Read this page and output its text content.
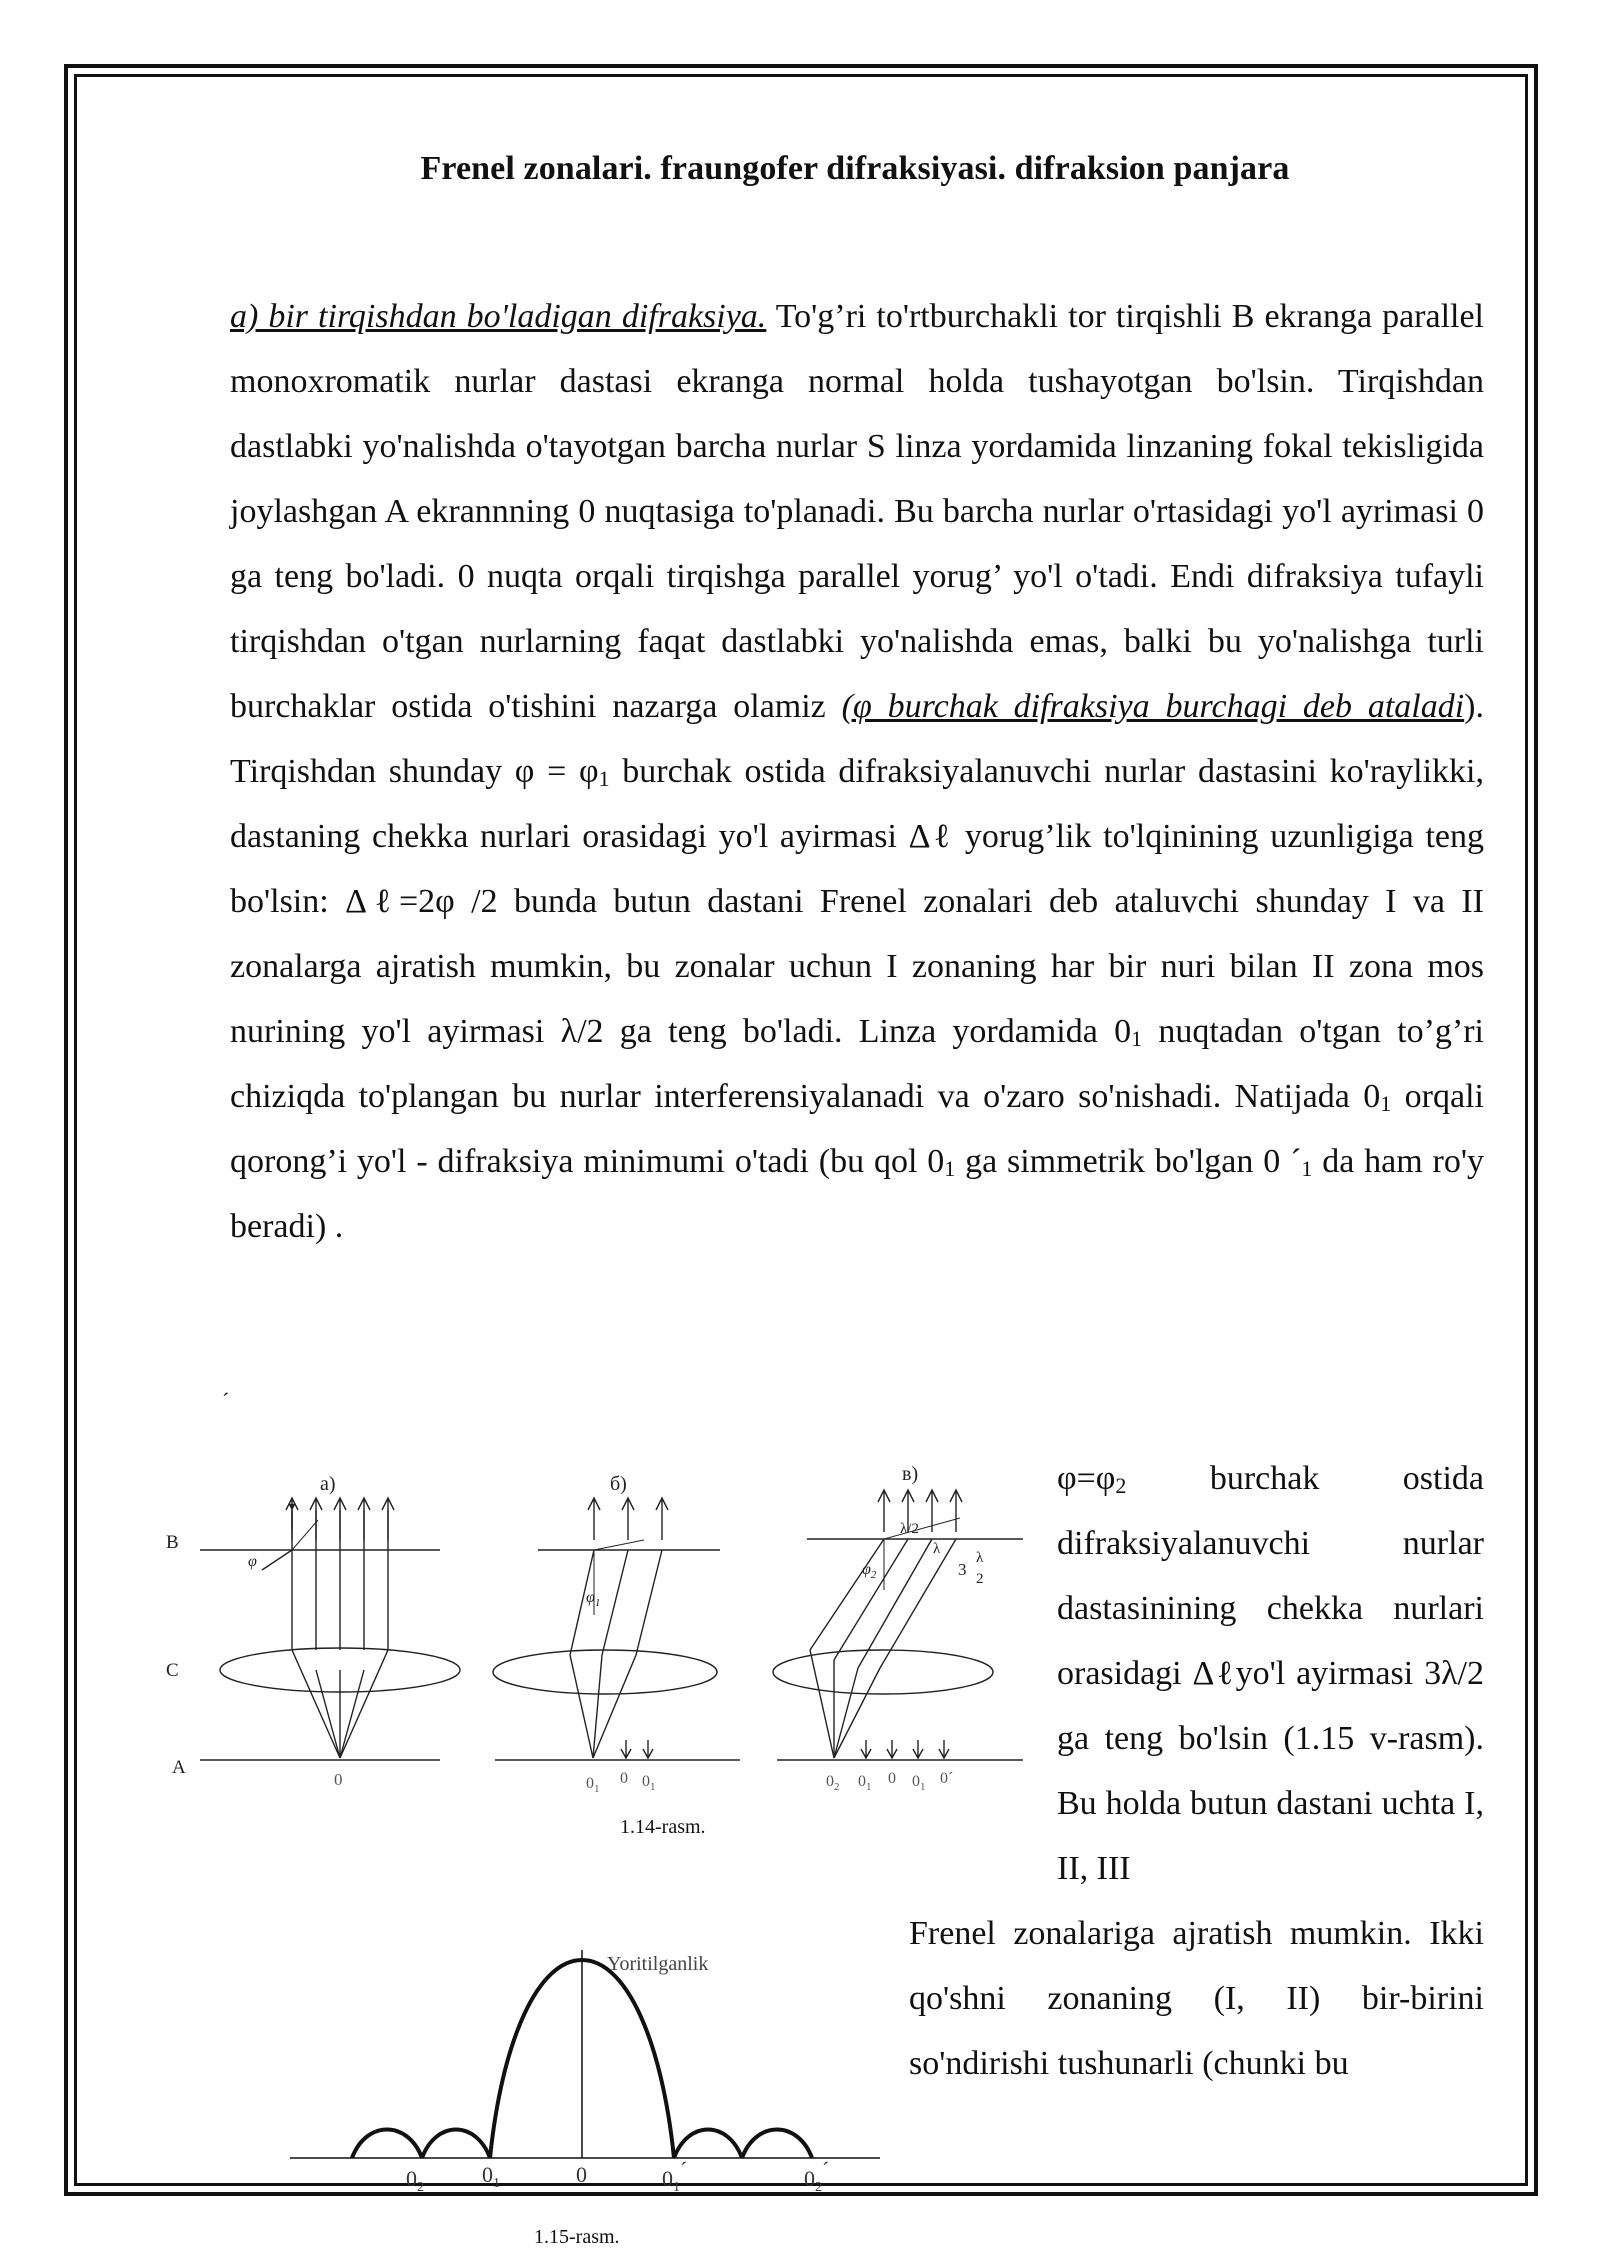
Frenel zonalari. fraungofer difraksiyasi. difraksion panjara

a) bir tirqishdan bo'ladigan difraksiya. To'g’ri to'rtburchakli tor tirqishli B ekranga parallel monoxromatik nurlar dastasi ekranga normal holda tushayotgan bo'lsin. Tirqishdan dastlabki yo'nalishda o'tayotgan barcha nurlar S linza yordamida linzaning fokal tekisligida joylashgan A ekrannning 0 nuqtasiga to'planadi. Bu barcha nurlar o'rtasidagi yo'l ayrimasi 0 ga teng bo'ladi. 0 nuqta orqali tirqishga parallel yorug’ yo'l o'tadi. Endi difraksiya tufayli tirqishdan o'tgan nurlarning faqat dastlabki yo'nalishda emas, balki bu yo'nalishga turli burchaklar ostida o'tishini nazarga olamiz (φ burchak difraksiya burchagi deb ataladi). Tirqishdan shunday $\varphi = \varphi_1$ burchak ostida difraksiyalanuvchi nurlar dastasini ko'raylikki, dastaning chekka nurlari orasidagi yo'l ayirmasi Δℓ yorug’lik to'lqinining uzunligiga teng bo'lsin: Δℓ=2φ /2 bunda butun dastani Frenel zonalari deb ataluvchi shunday I va II zonalarga ajratish mumkin, bu zonalar uchun I zonaning har bir nuri bilan II zona mos nurining yo'l ayirmasi λ/2 ga teng bo'ladi. Linza yordamida $0_1$ nuqtadan o'tgan to’g’ri chiziqda to'plangan bu nurlar interferensiyalanadi va o'zaro so'nishadi. Natijada $0_1$ orqali qorong’i yo'l - difraksiya minimumi o'tadi (bu qol $0_1$ ga simmetrik bo'lgan 0 $´_1$ da ham ro'y beradi) .

´
а)	б)	в)
B
C
A
φ
$\varphi_1$
$\varphi_2$
λ/2
λ
3
λ
2
0	$0_1$
0 $0_1$	$0_2$ $0_1$ 0 $0_1$ 0´
1.14-rasm.
Yoritilganlik
$0_2$
$0_1$	0	$0_1´$	$0_2´$
1.15-rasm.

$\varphi=\varphi_2$ burchak ostida difraksiyalanuvchi nurlar dastasinining chekka nurlari orasidagi Δℓyo'l ayirmasi 3λ/2 ga teng bo'lsin (1.15 v-rasm). Bu holda butun dastani uchta I, II, III

Frenel zonalariga ajratish mumkin. Ikki qo'shni zonaning (I, II) bir-birini so'ndirishi tushunarli (chunki bu
